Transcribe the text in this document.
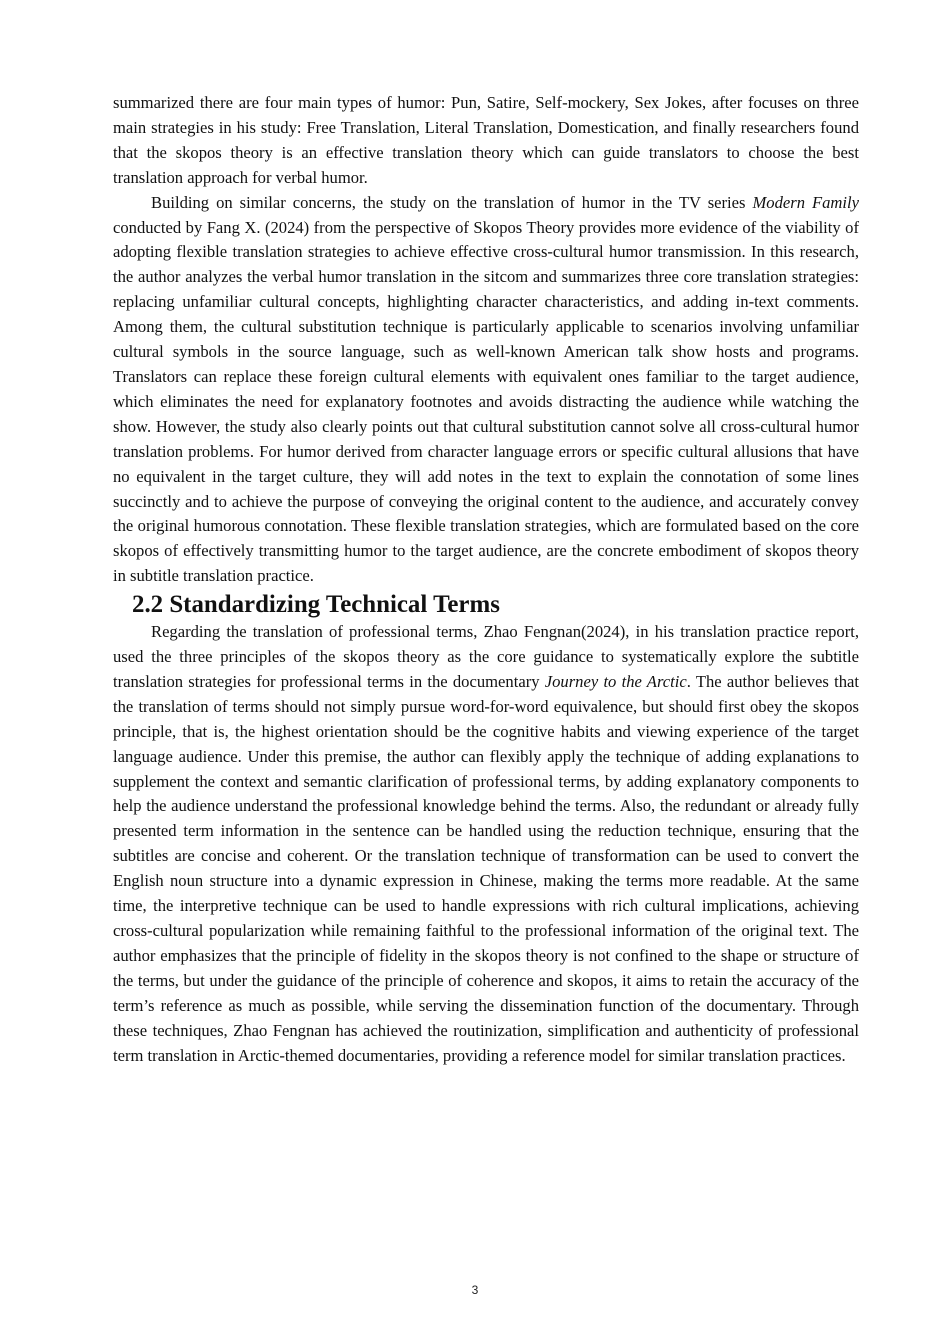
summarized there are four main types of humor: Pun, Satire, Self-mockery, Sex Jokes, after focuses on three main strategies in his study: Free Translation, Literal Translation, Domestication, and finally researchers found that the skopos theory is an effective translation theory which can guide translators to choose the best translation approach for verbal humor.

Building on similar concerns, the study on the translation of humor in the TV series Modern Family conducted by Fang X. (2024) from the perspective of Skopos Theory provides more evidence of the viability of adopting flexible translation strategies to achieve effective cross-cultural humor transmission. In this research, the author analyzes the verbal humor translation in the sitcom and summarizes three core translation strategies: replacing unfamiliar cultural concepts, highlighting character characteristics, and adding in-text comments. Among them, the cultural substitution technique is particularly applicable to scenarios involving unfamiliar cultural symbols in the source language, such as well-known American talk show hosts and programs. Translators can replace these foreign cultural elements with equivalent ones familiar to the target audience, which eliminates the need for explanatory footnotes and avoids distracting the audience while watching the show. However, the study also clearly points out that cultural substitution cannot solve all cross-cultural humor translation problems. For humor derived from character language errors or specific cultural allusions that have no equivalent in the target culture, they will add notes in the text to explain the connotation of some lines succinctly and to achieve the purpose of conveying the original content to the audience, and accurately convey the original humorous connotation. These flexible translation strategies, which are formulated based on the core skopos of effectively transmitting humor to the target audience, are the concrete embodiment of skopos theory in subtitle translation practice.

2.2 Standardizing Technical Terms

Regarding the translation of professional terms, Zhao Fengnan(2024), in his translation practice report, used the three principles of the skopos theory as the core guidance to systematically explore the subtitle translation strategies for professional terms in the documentary Journey to the Arctic. The author believes that the translation of terms should not simply pursue word-for-word equivalence, but should first obey the skopos principle, that is, the highest orientation should be the cognitive habits and viewing experience of the target language audience. Under this premise, the author can flexibly apply the technique of adding explanations to supplement the context and semantic clarification of professional terms, by adding explanatory components to help the audience understand the professional knowledge behind the terms. Also, the redundant or already fully presented term information in the sentence can be handled using the reduction technique, ensuring that the subtitles are concise and coherent. Or the translation technique of transformation can be used to convert the English noun structure into a dynamic expression in Chinese, making the terms more readable. At the same time, the interpretive technique can be used to handle expressions with rich cultural implications, achieving cross-cultural popularization while remaining faithful to the professional information of the original text. The author emphasizes that the principle of fidelity in the skopos theory is not confined to the shape or structure of the terms, but under the guidance of the principle of coherence and skopos, it aims to retain the accuracy of the term’s reference as much as possible, while serving the dissemination function of the documentary. Through these techniques, Zhao Fengnan has achieved the routinization, simplification and authenticity of professional term translation in Arctic-themed documentaries, providing a reference model for similar translation practices.

3
